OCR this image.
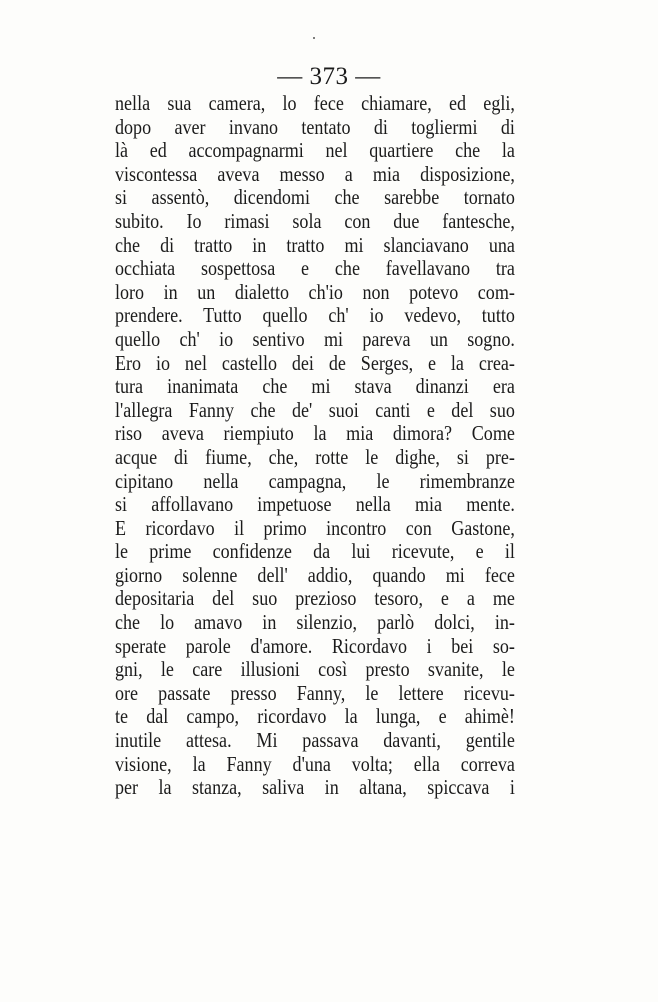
— 373 —
nella sua camera, lo fece chiamare, ed egli,
dopo aver invano tentato di togliermi di
là ed accompagnarmi nel quartiere che la
viscontessa aveva messo a mia disposizione,
si assentò, dicendomi che sarebbe tornato
subito. Io rimasi sola con due fantesche,
che di tratto in tratto mi slanciavano una
occhiata sospettosa e che favellavano tra
loro in un dialetto ch'io non potevo com-
prendere. Tutto quello ch' io vedevo, tutto
quello ch' io sentivo mi pareva un sogno.
Ero io nel castello dei de Serges, e la crea-
tura inanimata che mi stava dinanzi era
l'allegra Fanny che de' suoi canti e del suo
riso aveva riempiuto la mia dimora? Come
acque di fiume, che, rotte le dighe, si pre-
cipitano nella campagna, le rimembranze
si affollavano impetuose nella mia mente.
E ricordavo il primo incontro con Gastone,
le prime confidenze da lui ricevute, e il
giorno solenne dell' addio, quando mi fece
depositaria del suo prezioso tesoro, e a me
che lo amavo in silenzio, parlò dolci, in-
sperate parole d'amore. Ricordavo i bei so-
gni, le care illusioni così presto svanite, le
ore passate presso Fanny, le lettere ricevu-
te dal campo, ricordavo la lunga, e ahimè!
inutile attesa. Mi passava davanti, gentile
visione, la Fanny d'una volta; ella correva
per la stanza, saliva in altana, spiccava i
